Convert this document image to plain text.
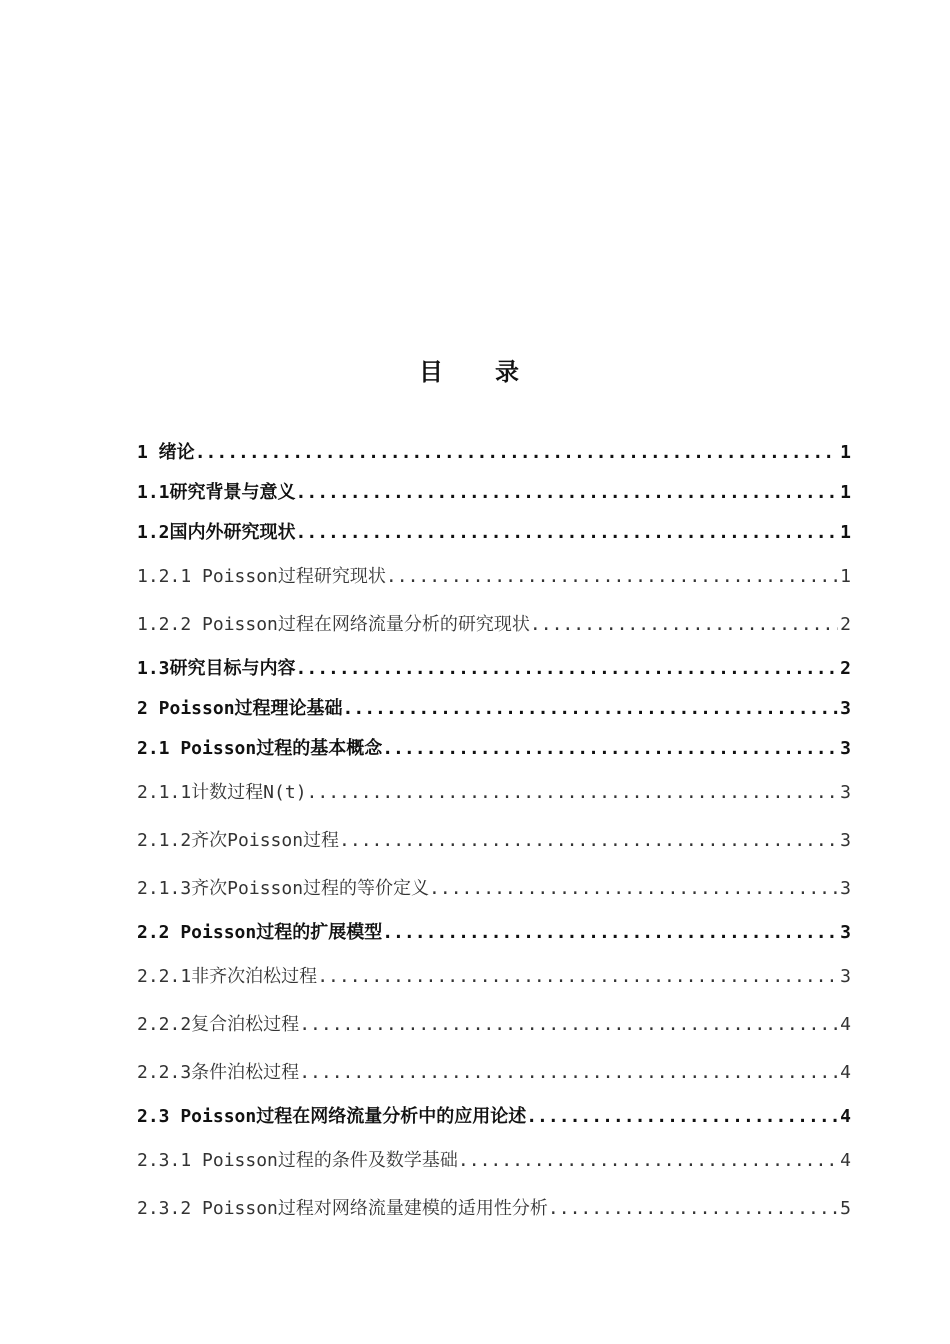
目录
1 绪论 .....	1
1.1研究背景与意义 .....	1
1.2国内外研究现状 .....	1
1.2.1 Poisson过程研究现状 .....	1
1.2.2 Poisson过程在网络流量分析的研究现状 .....	2
1.3研究目标与内容 .....	2
2 Poisson过程理论基础 .....	3
2.1 Poisson过程的基本概念 .....	3
2.1.1计数过程N(t) .....	3
2.1.2齐次Poisson过程 .....	3
2.1.3齐次Poisson过程的等价定义 .....	3
2.2 Poisson过程的扩展模型 .....	3
2.2.1非齐次泊松过程 .....	3
2.2.2复合泊松过程 .....	4
2.2.3条件泊松过程 .....	4
2.3 Poisson过程在网络流量分析中的应用论述 .....	4
2.3.1 Poisson过程的条件及数学基础 .....	4
2.3.2 Poisson过程对网络流量建模的适用性分析 .....	5
